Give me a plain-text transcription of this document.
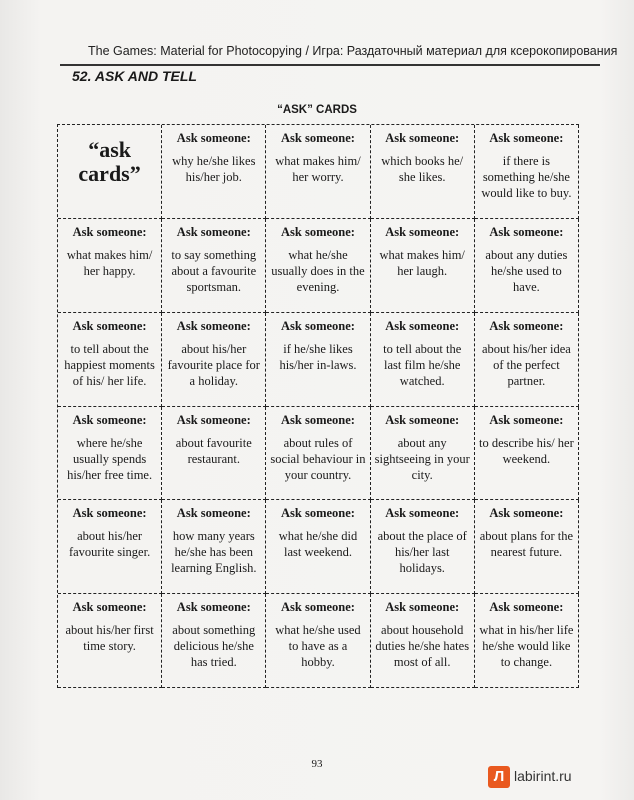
The Games: Material for Photocopying / Игра: Раздаточный материал для ксерокопирования
52. ASK AND TELL
“ASK” CARDS
“ask cards”
Ask someone:
why he/she likes his/her job.
Ask someone:
what makes him/ her worry.
Ask someone:
which books he/ she likes.
Ask someone:
if there is something he/she would like to buy.
Ask someone:
what makes him/ her happy.
Ask someone:
to say something about a favourite sportsman.
Ask someone:
what he/she usually does in the evening.
Ask someone:
what makes him/ her laugh.
Ask someone:
about any duties he/she used to have.
Ask someone:
to tell about the happiest moments of his/ her life.
Ask someone:
about his/her favourite place for a holiday.
Ask someone:
if he/she likes his/her in-laws.
Ask someone:
to tell about the last film he/she watched.
Ask someone:
about his/her idea of the perfect partner.
Ask someone:
where he/she usually spends his/her free time.
Ask someone:
about favourite restaurant.
Ask someone:
about rules of social behaviour in your country.
Ask someone:
about any sightseeing in your city.
Ask someone:
to describe his/ her weekend.
Ask someone:
about his/her favourite singer.
Ask someone:
how many years he/she has been learning English.
Ask someone:
what he/she did last weekend.
Ask someone:
about the place of his/her last holidays.
Ask someone:
about plans for the nearest future.
Ask someone:
about his/her first time story.
Ask someone:
about something delicious he/she has tried.
Ask someone:
what he/she used to have as a hobby.
Ask someone:
about household duties he/she hates most of all.
Ask someone:
what in his/her life he/she would like to change.
93
Л labirint.ru
